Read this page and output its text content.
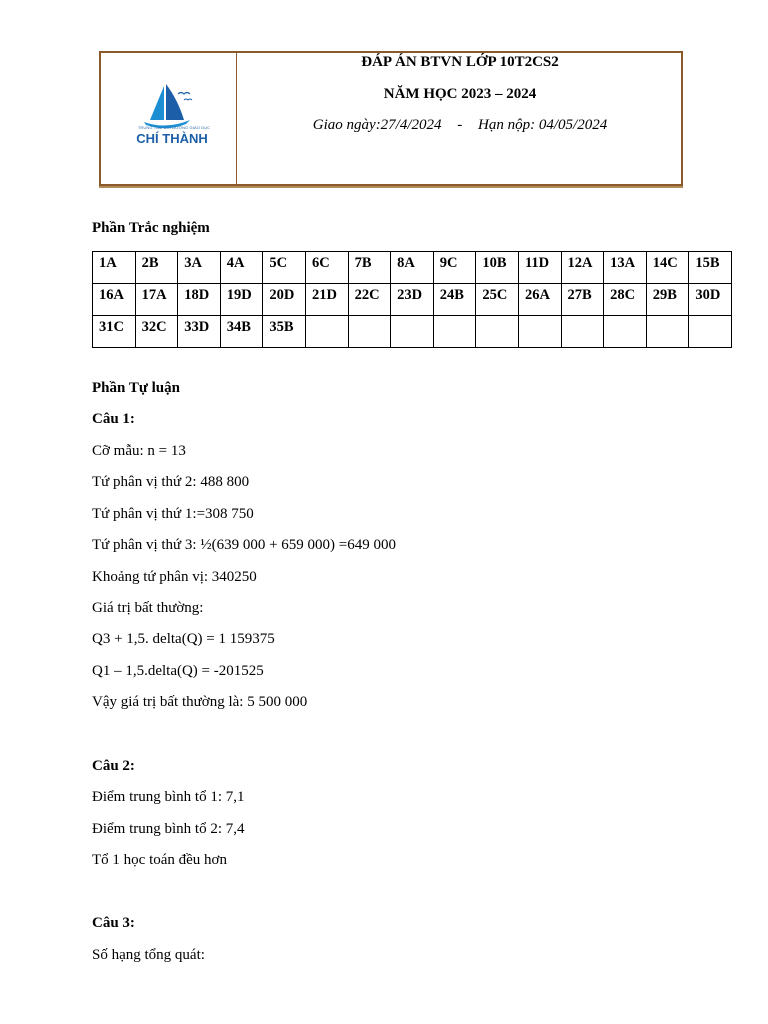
TRUNG TÂM BỒI DƯỠNG GIÁO DỤC
CHÍ THÀNH
ĐÁP ÁN BTVN LỚP 10T2CS2
NĂM HỌC 2023 – 2024
Giao ngày:27/4/2024 - Hạn nộp: 04/05/2024
Phần Trắc nghiệm
1A	2B	3A	4A	5C	6C	7B	8A	9C	10B	11D	12A	13A	14C	15B
16A	17A	18D	19D	20D	21D	22C	23D	24B	25C	26A	27B	28C	29B	30D
31C	32C	33D	34B	35B										
Phần Tự luận
Câu 1:
Cỡ mẫu: n = 13
Tứ phân vị thứ 2: 488 800
Tứ phân vị thứ 1:=308 750
Tứ phân vị thứ 3: ½(639 000 + 659 000) =649 000
Khoảng tứ phân vị: 340250
Giá trị bất thường:
Q3 + 1,5. delta(Q) = 1 159375
Q1 – 1,5.delta(Q) = -201525
Vậy giá trị bất thường là: 5 500 000
Câu 2:
Điểm trung bình tổ 1: 7,1
Điểm trung bình tổ 2: 7,4
Tổ 1 học toán đều hơn
Câu 3:
Số hạng tổng quát:
